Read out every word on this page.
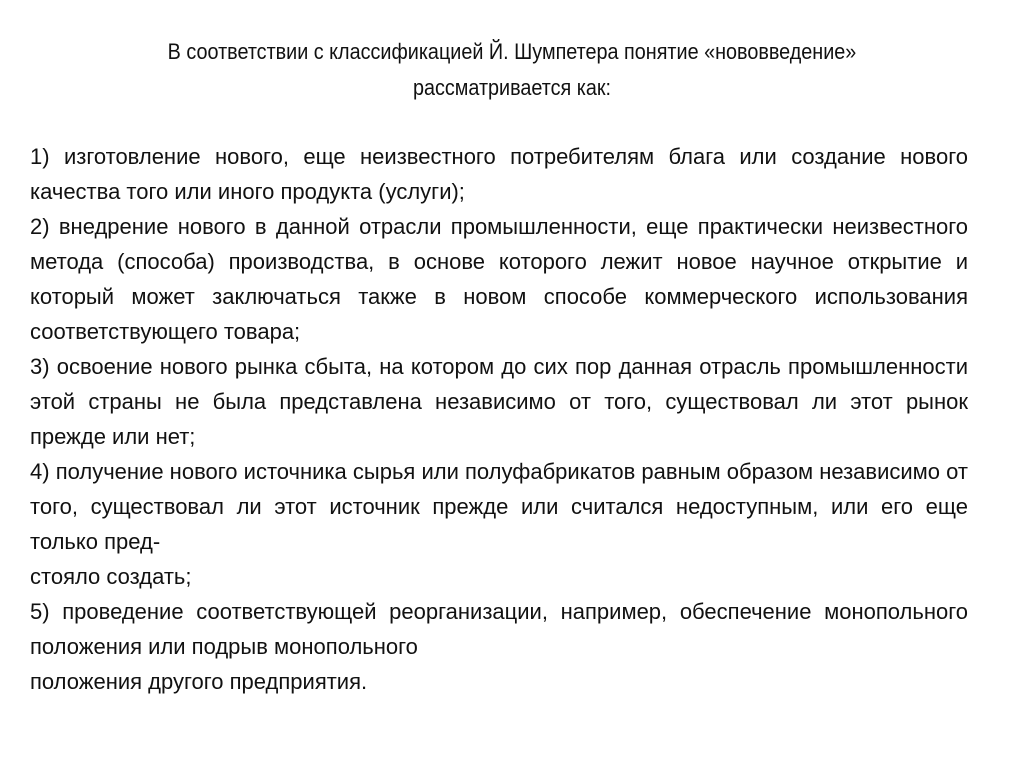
В соответствии с классификацией Й. Шумпетера понятие «нововведение»
рассматривается как:

1) изготовление нового, еще неизвестного потребителям блага или создание нового качества того или иного продукта (услуги);

2) внедрение нового в данной отрасли промышленности, еще практически неизвестного метода (способа) производства, в основе которого лежит новое научное открытие и который может заключаться также в новом способе коммерческого использования соответствующего товара;

3) освоение нового рынка сбыта, на котором до сих пор данная отрасль промышленности этой страны не была представлена независимо от того, существовал ли этот рынок прежде или нет;

4) получение нового источника сырья или полуфабрикатов равным образом независимо от того, существовал ли этот источник прежде или считался недоступным, или его еще только пред-

стояло создать;

5) проведение соответствующей реорганизации, например, обеспечение монопольного положения или подрыв монопольного

положения другого предприятия.
